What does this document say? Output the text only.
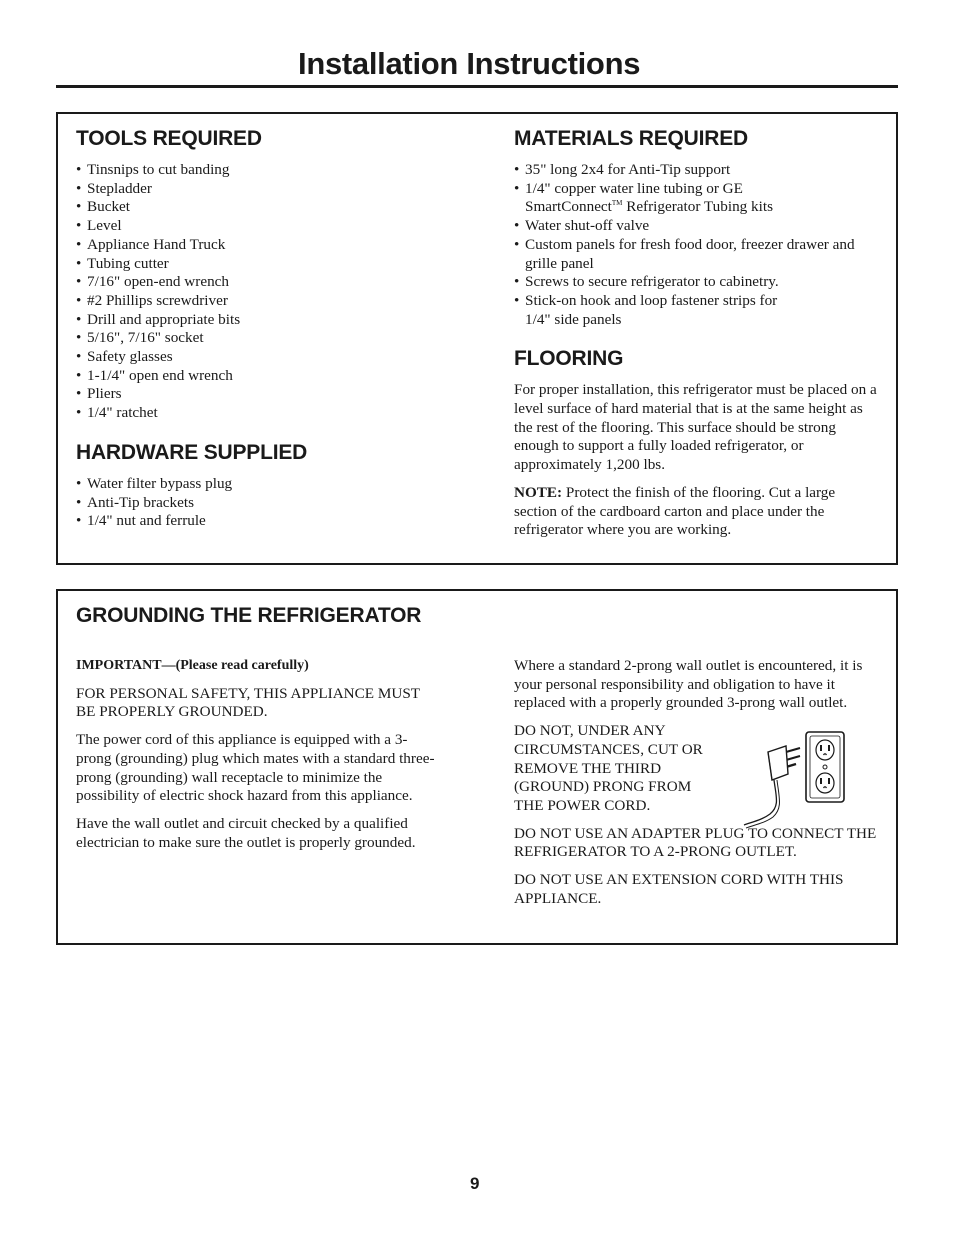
Installation Instructions
TOOLS REQUIRED
• Tinsnips to cut banding
• Stepladder
• Bucket
• Level
• Appliance Hand Truck
• Tubing cutter
• 7/16" open-end wrench
• #2 Phillips screwdriver
• Drill and appropriate bits
• 5/16", 7/16" socket
• Safety glasses
• 1-1/4" open end wrench
• Pliers
• 1/4" ratchet
HARDWARE SUPPLIED
• Water filter bypass plug
• Anti-Tip brackets
• 1/4" nut and ferrule
MATERIALS REQUIRED
• 35" long 2x4 for Anti-Tip support
• 1/4" copper water line tubing or GE
SmartConnect™ Refrigerator Tubing kits
• Water shut-off valve
• Custom panels for fresh food door, freezer drawer and grille panel
• Screws to secure refrigerator to cabinetry.
• Stick-on hook and loop fastener strips for
1/4" side panels
FLOORING

For proper installation, this refrigerator must be placed on a level surface of hard material that is at the same height as the rest of the flooring. This surface should be strong enough to support a fully loaded refrigerator, or approximately 1,200 lbs.

NOTE: Protect the finish of the flooring. Cut a large section of the cardboard carton and place under the refrigerator where you are working.

GROUNDING THE REFRIGERATOR

IMPORTANT—(Please read carefully)

FOR PERSONAL SAFETY, THIS APPLIANCE MUST BE PROPERLY GROUNDED.

The power cord of this appliance is equipped with a 3-prong (grounding) plug which mates with a standard three-prong (grounding) wall receptacle to minimize the possibility of electric shock hazard from this appliance.

Have the wall outlet and circuit checked by a qualified electrician to make sure the outlet is properly grounded.

Where a standard 2-prong wall outlet is encountered, it is your personal responsibility and obligation to have it replaced with a properly grounded 3-prong wall outlet.

DO NOT, UNDER ANY CIRCUMSTANCES, CUT OR REMOVE THE THIRD (GROUND) PRONG FROM THE POWER CORD.

DO NOT USE AN ADAPTER PLUG TO CONNECT THE REFRIGERATOR TO A 2-PRONG OUTLET.

DO NOT USE AN EXTENSION CORD WITH THIS APPLIANCE.

9
